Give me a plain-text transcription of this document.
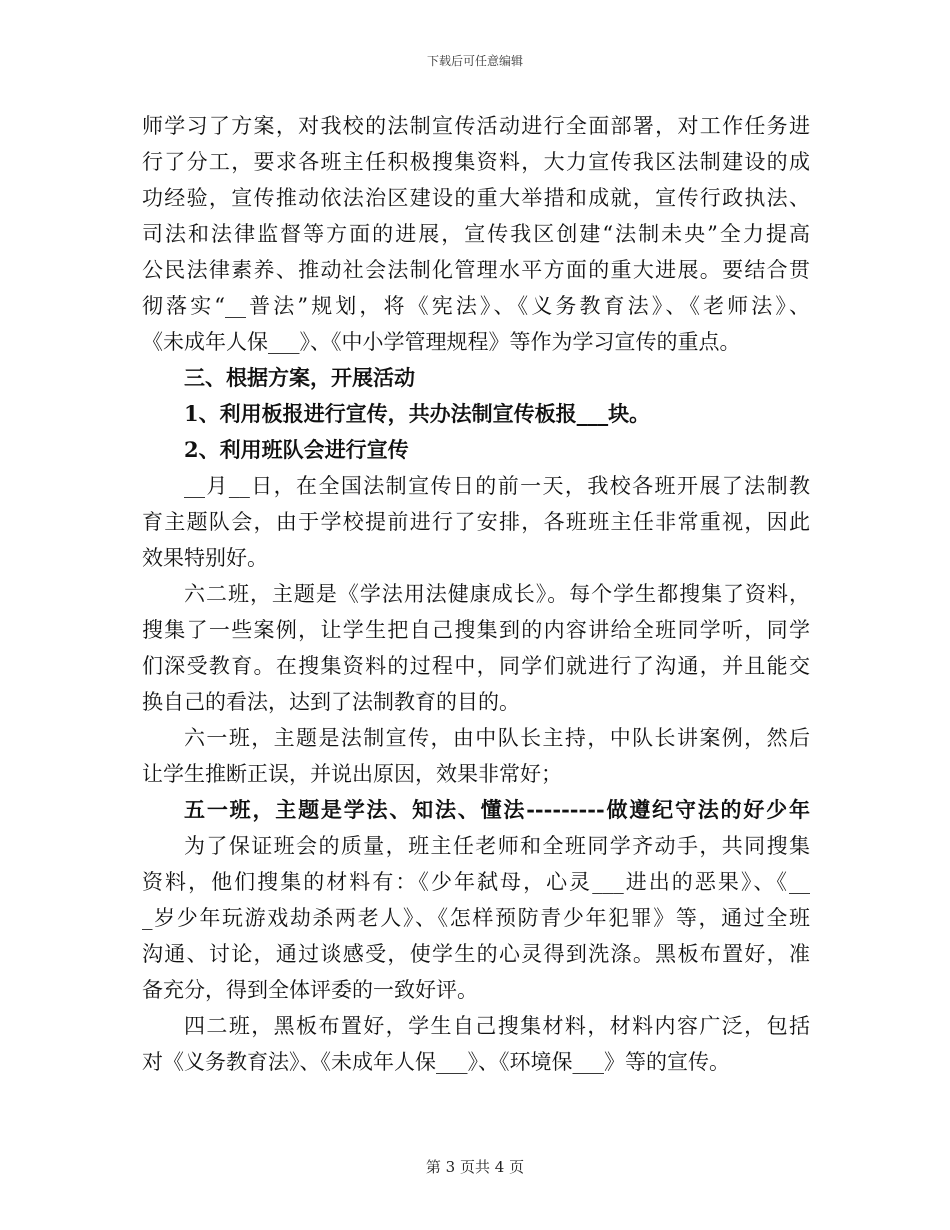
下载后可任意编辑
师学习了方案，对我校的法制宣传活动进行全面部署，对工作任务进
行了分工，要求各班主任积极搜集资料，大力宣传我区法制建设的成
功经验，宣传推动依法治区建设的重大举措和成就，宣传行政执法、
司法和法律监督等方面的进展，宣传我区创建“法制未央”全力提高
公民法律素养、推动社会法制化管理水平方面的重大进展。要结合贯
彻落实“__普法”规划，将《宪法》、《义务教育法》、《老师法》、
《未成年人保___》、《中小学管理规程》等作为学习宣传的重点。
三、根据方案，开展活动
1、利用板报进行宣传，共办法制宣传板报___块。
2、利用班队会进行宣传
__月__日，在全国法制宣传日的前一天，我校各班开展了法制教
育主题队会，由于学校提前进行了安排，各班班主任非常重视，因此
效果特别好。
六二班，主题是《学法用法健康成长》。每个学生都搜集了资料，
搜集了一些案例，让学生把自己搜集到的内容讲给全班同学听，同学
们深受教育。在搜集资料的过程中，同学们就进行了沟通，并且能交
换自己的看法，达到了法制教育的目的。
六一班，主题是法制宣传，由中队长主持，中队长讲案例，然后
让学生推断正误，并说出原因，效果非常好；
五一班，主题是学法、知法、懂法---------做遵纪守法的好少年
为了保证班会的质量，班主任老师和全班同学齐动手，共同搜集
资料，他们搜集的材料有：《少年弑母，心灵___进出的恶果》、《__
_岁少年玩游戏劫杀两老人》、《怎样预防青少年犯罪》等，通过全班
沟通、讨论，通过谈感受，使学生的心灵得到洗涤。黑板布置好，准
备充分，得到全体评委的一致好评。
四二班，黑板布置好，学生自己搜集材料，材料内容广泛，包括
对《义务教育法》、《未成年人保___》、《环境保___》等的宣传。
第 3 页共 4 页
